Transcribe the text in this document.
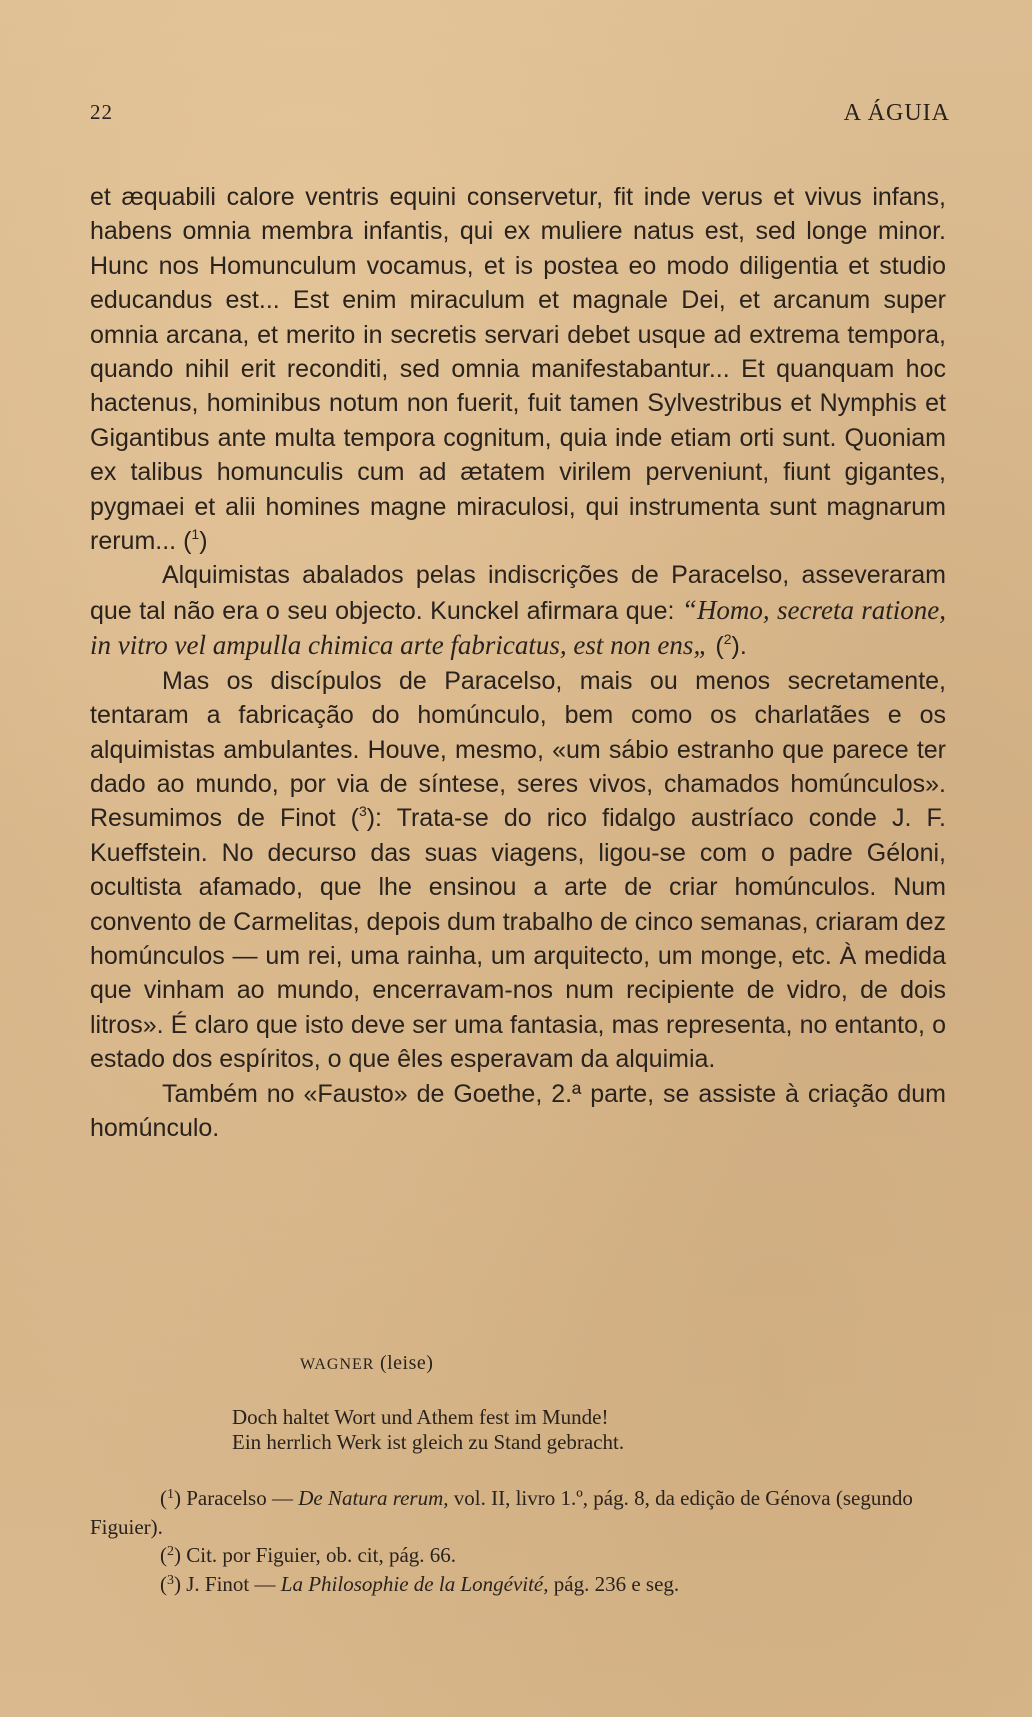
22	A ÁGUIA

et æquabili calore ventris equini conservetur, fit inde verus et vivus infans, habens omnia membra infantis, qui ex muliere natus est, sed longe minor. Hunc nos Homunculum vocamus, et is postea eo modo diligentia et studio educandus est... Est enim miraculum et magnale Dei, et arcanum super omnia arcana, et merito in secretis servari debet usque ad extrema tempora, quando nihil erit reconditi, sed omnia manifestabantur... Et quanquam hoc hactenus, hominibus notum non fuerit, fuit tamen Sylvestribus et Nymphis et Gigantibus ante multa tempora cognitum, quia inde etiam orti sunt. Quoniam ex talibus homunculis cum ad ætatem virilem perveniunt, fiunt gigantes, pygmaei et alii homines magne miraculosi, qui instrumenta sunt magnarum rerum... ($^1$)

Alquimistas abalados pelas indiscrições de Paracelso, asseveraram que tal não era o seu objecto. Kunckel afirmara que: “Homo, secreta ratione, in vitro vel ampulla chimica arte fabricatus, est non ens„ ($^2$).

Mas os discípulos de Paracelso, mais ou menos secretamente, tentaram a fabricação do homúnculo, bem como os charlatães e os alquimistas ambulantes. Houve, mesmo, «um sábio estranho que parece ter dado ao mundo, por via de síntese, seres vivos, chamados homúnculos». Resumimos de Finot ($^3$): Trata-se do rico fidalgo austríaco conde J. F. Kueffstein. No decurso das suas viagens, ligou-se com o padre Géloni, ocultista afamado, que lhe ensinou a arte de criar homúnculos. Num convento de Carmelitas, depois dum trabalho de cinco semanas, criaram dez homúnculos — um rei, uma rainha, um arquitecto, um monge, etc. À medida que vinham ao mundo, encerravam-nos num recipiente de vidro, de dois litros». É claro que isto deve ser uma fantasia, mas representa, no entanto, o estado dos espíritos, o que êles esperavam da alquimia.

Também no «Fausto» de Goethe, 2.ª parte, se assiste à criação dum homúnculo.

WAGNER (leise)
Doch haltet Wort und Athem fest im Munde!
Ein herrlich Werk ist gleich zu Stand gebracht.

($^1$) Paracelso — De Natura rerum, vol. II, livro 1.º, pág. 8, da edição de Génova (segundo Figuier).

($^2$) Cit. por Figuier, ob. cit, pág. 66.

($^3$) J. Finot — La Philosophie de la Longévité, pág. 236 e seg.
